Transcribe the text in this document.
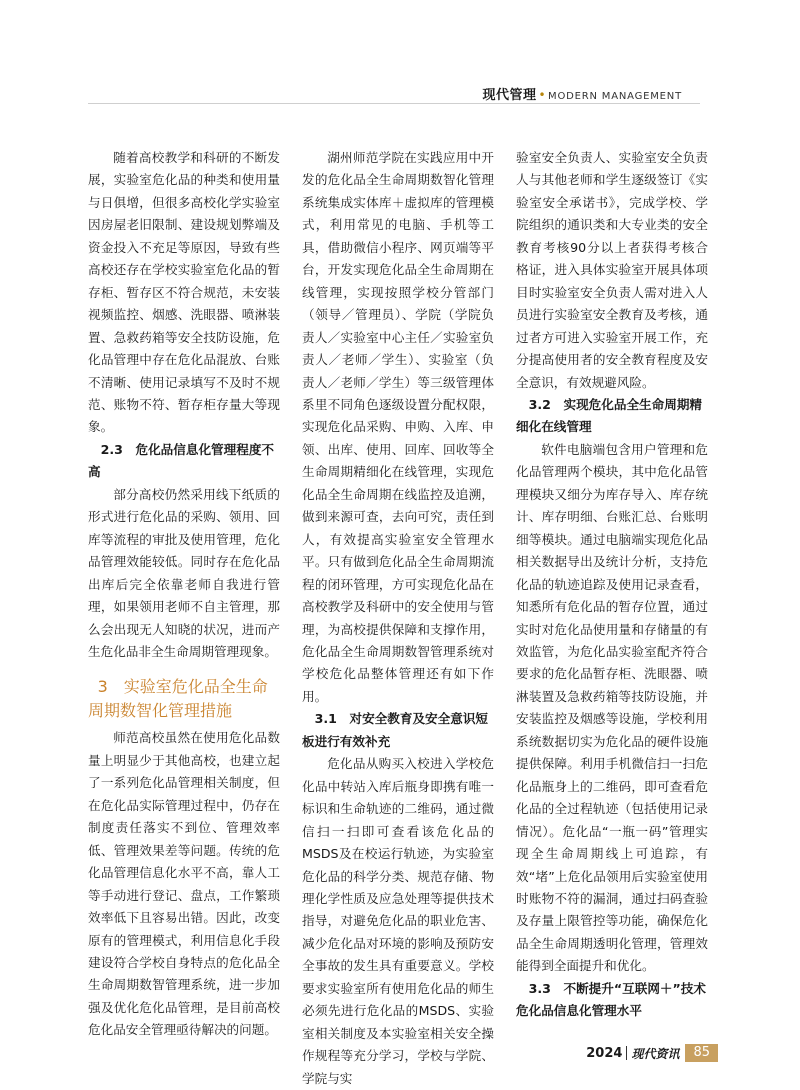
现代管理 • MODERN MANAGEMENT

随着高校教学和科研的不断发展，实验室危化品的种类和使用量与日俱增，但很多高校化学实验室因房屋老旧限制、建设规划弊端及资金投入不充足等原因，导致有些高校还存在学校实验室危化品的暂存柜、暂存区不符合规范，未安装视频监控、烟感、洗眼器、喷淋装置、急救药箱等安全技防设施，危化品管理中存在危化品混放、台账不清晰、使用记录填写不及时不规范、账物不符、暂存柜存量大等现象。

2.3　危化品信息化管理程度不高

部分高校仍然采用线下纸质的形式进行危化品的采购、领用、回库等流程的审批及使用管理，危化品管理效能较低。同时存在危化品出库后完全依靠老师自我进行管理，如果领用老师不自主管理，那么会出现无人知晓的状况，进而产生危化品非全生命周期管理现象。

3　实验室危化品全生命周期数智化管理措施

师范高校虽然在使用危化品数量上明显少于其他高校，也建立起了一系列危化品管理相关制度，但在危化品实际管理过程中，仍存在制度责任落实不到位、管理效率低、管理效果差等问题。传统的危化品管理信息化水平不高，靠人工等手动进行登记、盘点，工作繁琐效率低下且容易出错。因此，改变原有的管理模式，利用信息化手段建设符合学校自身特点的危化品全生命周期数智管理系统，进一步加强及优化危化品管理，是目前高校危化品安全管理亟待解决的问题。

湖州师范学院在实践应用中开发的危化品全生命周期数智化管理系统集成实体库＋虚拟库的管理模式，利用常见的电脑、手机等工具，借助微信小程序、网页端等平台，开发实现危化品全生命周期在线管理，实现按照学校分管部门（领导／管理员）、学院（学院负责人／实验室中心主任／实验室负责人／老师／学生）、实验室（负责人／老师／学生）等三级管理体系里不同角色逐级设置分配权限，实现危化品采购、申购、入库、申领、出库、使用、回库、回收等全生命周期精细化在线管理，实现危化品全生命周期在线监控及追溯，做到来源可查，去向可究，责任到人，有效提高实验室安全管理水平。只有做到危化品全生命周期流程的闭环管理，方可实现危化品在高校教学及科研中的安全使用与管理，为高校提供保障和支撑作用，危化品全生命周期数智管理系统对学校危化品整体管理还有如下作用。

3.1　对安全教育及安全意识短板进行有效补充

危化品从购买入校进入学校危化品中转站入库后瓶身即携有唯一标识和生命轨迹的二维码，通过微信扫一扫即可查看该危化品的MSDS及在校运行轨迹，为实验室危化品的科学分类、规范存储、物理化学性质及应急处理等提供技术指导，对避免危化品的职业危害、减少危化品对环境的影响及预防安全事故的发生具有重要意义。学校要求实验室所有使用危化品的师生必须先进行危化品的MSDS、实验室相关制度及本实验室相关安全操作规程等充分学习，学校与学院、学院与实

验室安全负责人、实验室安全负责人与其他老师和学生逐级签订《实验室安全承诺书》，完成学校、学院组织的通识类和大专业类的安全教育考核90分以上者获得考核合格证，进入具体实验室开展具体项目时实验室安全负责人需对进入人员进行实验室安全教育及考核，通过者方可进入实验室开展工作，充分提高使用者的安全教育程度及安全意识，有效规避风险。

3.2　实现危化品全生命周期精细化在线管理

软件电脑端包含用户管理和危化品管理两个模块，其中危化品管理模块又细分为库存导入、库存统计、库存明细、台账汇总、台账明细等模块。通过电脑端实现危化品相关数据导出及统计分析，支持危化品的轨迹追踪及使用记录查看，知悉所有危化品的暂存位置，通过实时对危化品使用量和存储量的有效监管，为危化品实验室配齐符合要求的危化品暂存柜、洗眼器、喷淋装置及急救药箱等技防设施，并安装监控及烟感等设施，学校利用系统数据切实为危化品的硬件设施提供保障。利用手机微信扫一扫危化品瓶身上的二维码，即可查看危化品的全过程轨迹（包括使用记录情况）。危化品“一瓶一码”管理实现全生命周期线上可追踪，有效“堵”上危化品领用后实验室使用时账物不符的漏洞，通过扫码查验及存量上限管控等功能，确保危化品全生命周期透明化管理，管理效能得到全面提升和优化。

3.3　不断提升“互联网＋”技术危化品信息化管理水平
2024 现代资讯	85
